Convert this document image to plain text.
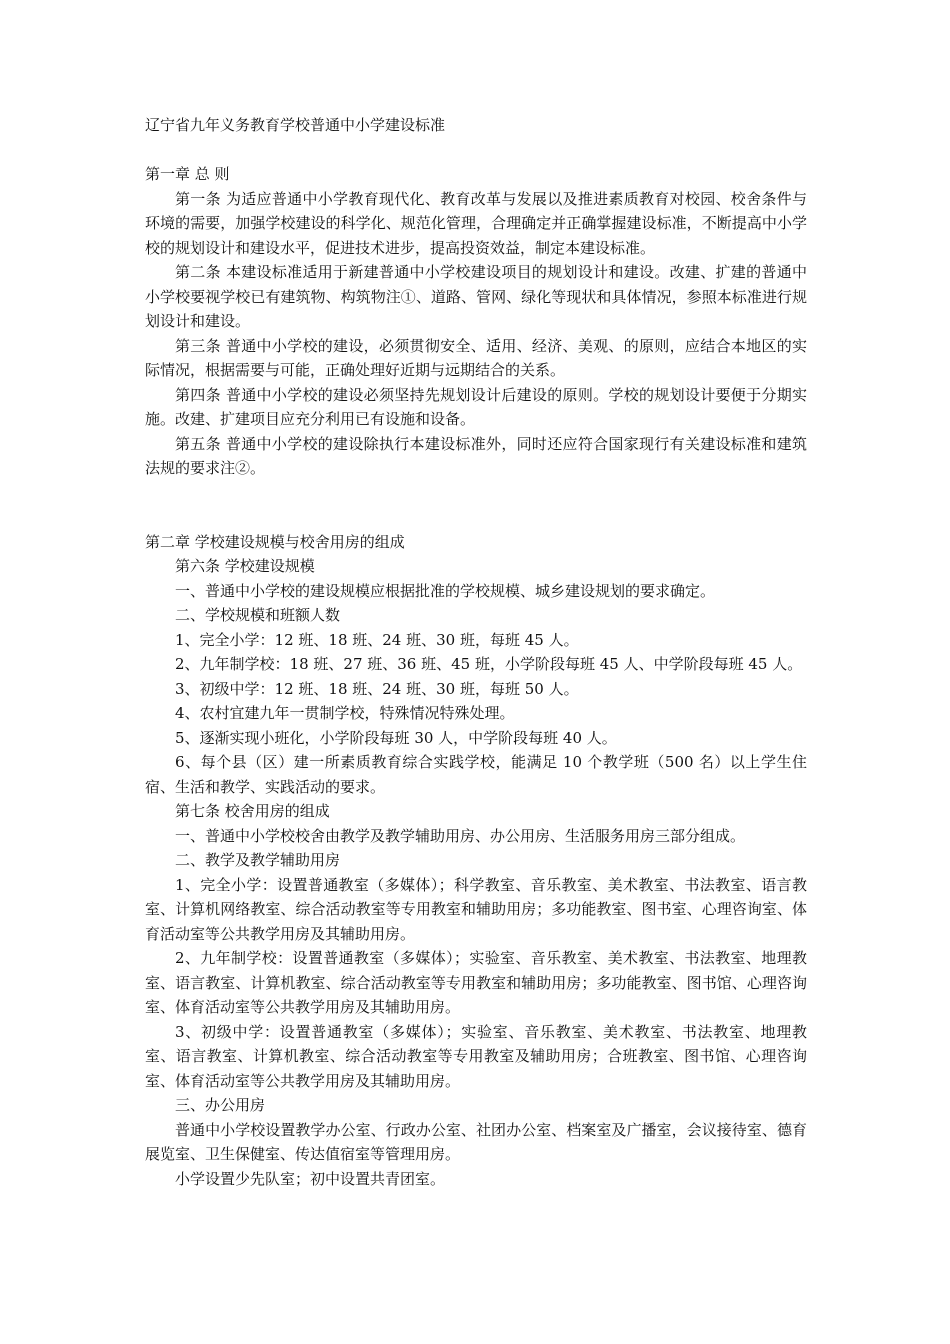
辽宁省九年义务教育学校普通中小学建设标准
第一章 总 则

第一条 为适应普通中小学教育现代化、教育改革与发展以及推进素质教育对校园、校舍条件与环境的需要，加强学校建设的科学化、规范化管理，合理确定并正确掌握建设标准，不断提高中小学校的规划设计和建设水平，促进技术进步，提高投资效益，制定本建设标准。

第二条 本建设标准适用于新建普通中小学校建设项目的规划设计和建设。改建、扩建的普通中小学校要视学校已有建筑物、构筑物注①、道路、管网、绿化等现状和具体情况，参照本标准进行规划设计和建设。

第三条 普通中小学校的建设，必须贯彻安全、适用、经济、美观、的原则，应结合本地区的实际情况，根据需要与可能，正确处理好近期与远期结合的关系。

第四条 普通中小学校的建设必须坚持先规划设计后建设的原则。学校的规划设计要便于分期实施。改建、扩建项目应充分利用已有设施和设备。

第五条 普通中小学校的建设除执行本建设标准外，同时还应符合国家现行有关建设标准和建筑法规的要求注②。

第二章 学校建设规模与校舍用房的组成

第六条 学校建设规模

一、普通中小学校的建设规模应根据批准的学校规模、城乡建设规划的要求确定。

二、学校规模和班额人数

1、完全小学：12 班、18 班、24 班、30 班，每班 45 人。

2、九年制学校：18 班、27 班、36 班、45 班，小学阶段每班 45 人、中学阶段每班 45 人。

3、初级中学：12 班、18 班、24 班、30 班，每班 50 人。

4、农村宜建九年一贯制学校，特殊情况特殊处理。

5、逐渐实现小班化，小学阶段每班 30 人，中学阶段每班 40 人。

6、每个县（区）建一所素质教育综合实践学校，能满足 10 个教学班（500 名）以上学生住宿、生活和教学、实践活动的要求。

第七条 校舍用房的组成

一、普通中小学校校舍由教学及教学辅助用房、办公用房、生活服务用房三部分组成。

二、教学及教学辅助用房

1、完全小学：设置普通教室（多媒体）；科学教室、音乐教室、美术教室、书法教室、语言教室、计算机网络教室、综合活动教室等专用教室和辅助用房；多功能教室、图书室、心理咨询室、体育活动室等公共教学用房及其辅助用房。

2、九年制学校：设置普通教室（多媒体）；实验室、音乐教室、美术教室、书法教室、地理教室、语言教室、计算机教室、综合活动教室等专用教室和辅助用房；多功能教室、图书馆、心理咨询室、体育活动室等公共教学用房及其辅助用房。

3、初级中学：设置普通教室（多媒体）；实验室、音乐教室、美术教室、书法教室、地理教室、语言教室、计算机教室、综合活动教室等专用教室及辅助用房；合班教室、图书馆、心理咨询室、体育活动室等公共教学用房及其辅助用房。

三、办公用房

普通中小学校设置教学办公室、行政办公室、社团办公室、档案室及广播室，会议接待室、德育展览室、卫生保健室、传达值宿室等管理用房。

小学设置少先队室；初中设置共青团室。
